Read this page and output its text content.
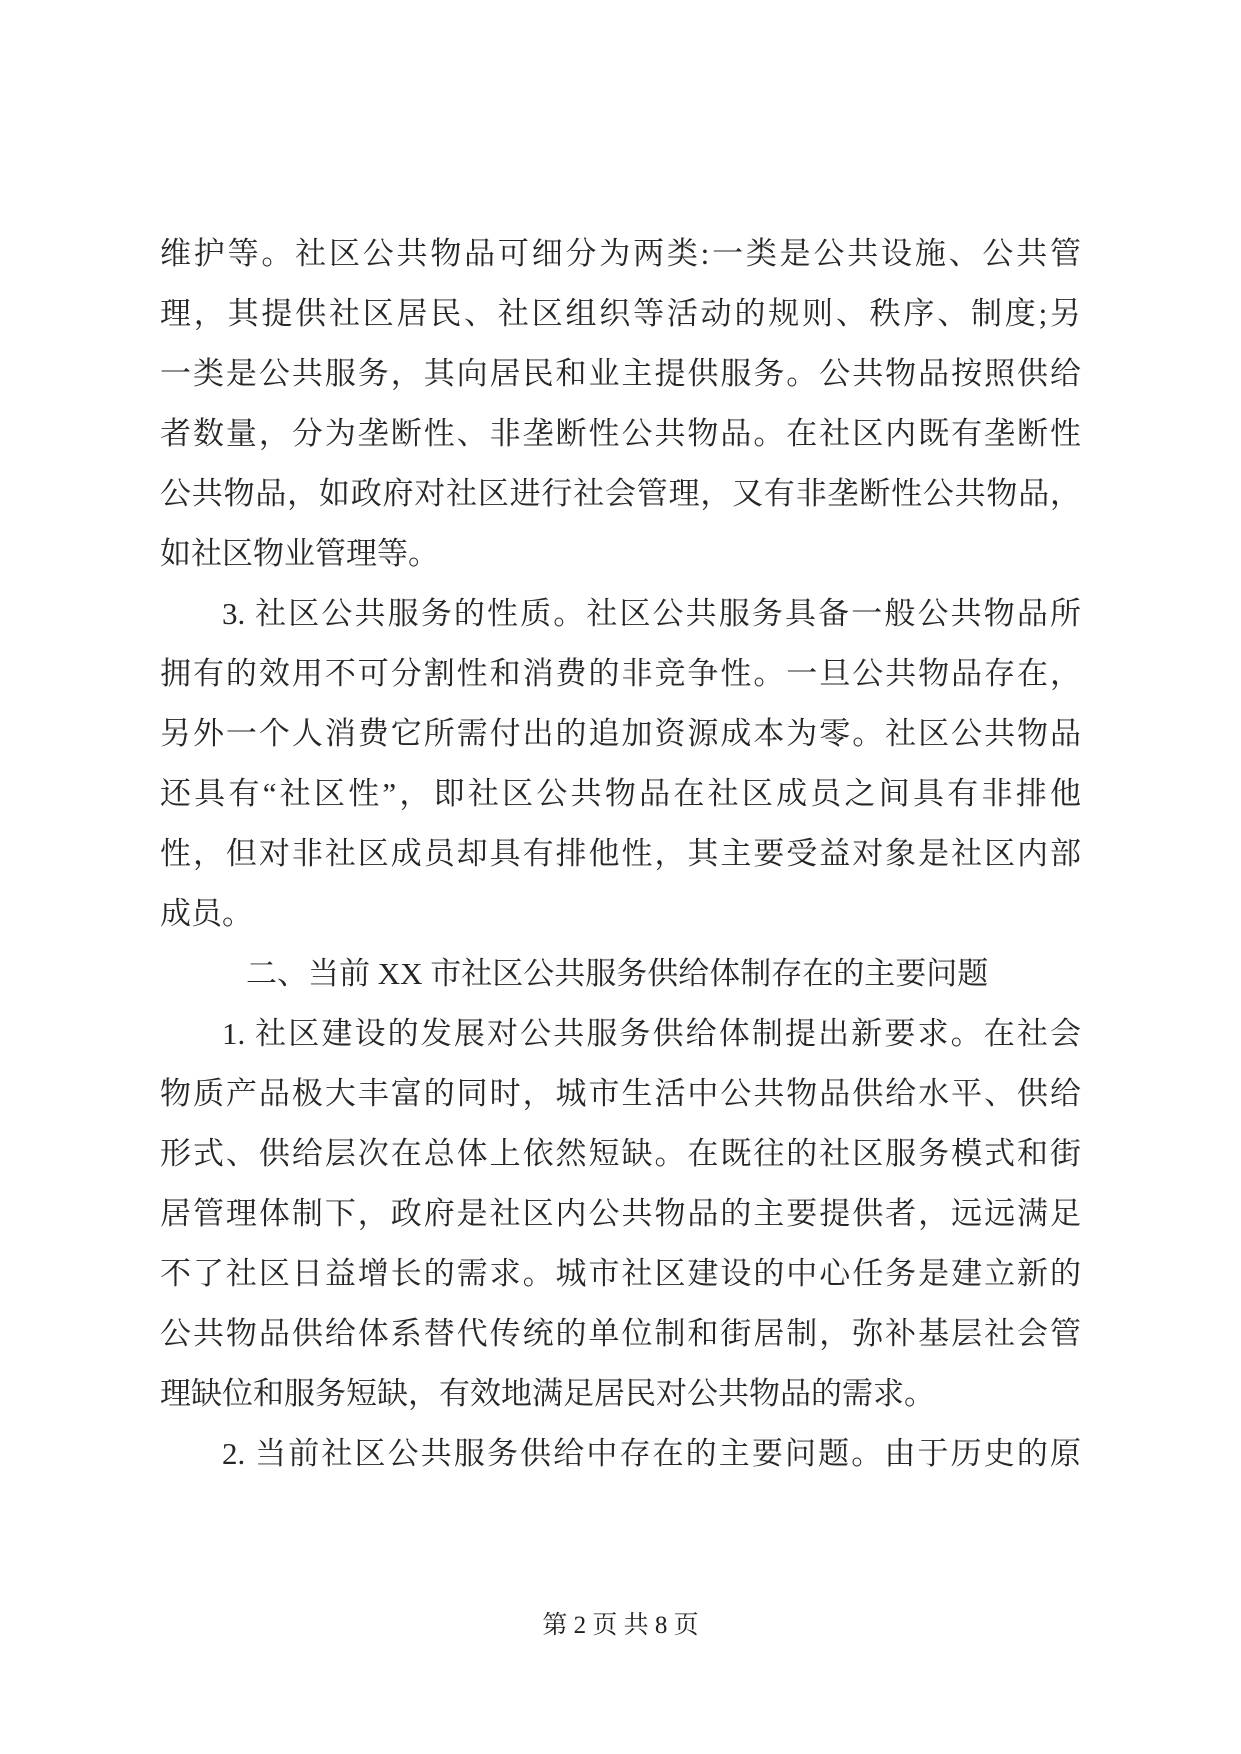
维护等。社区公共物品可细分为两类:一类是公共设施、公共管
理，其提供社区居民、社区组织等活动的规则、秩序、制度;另
一类是公共服务，其向居民和业主提供服务。公共物品按照供给
者数量，分为垄断性、非垄断性公共物品。在社区内既有垄断性
公共物品，如政府对社区进行社会管理，又有非垄断性公共物品，
如社区物业管理等。
3. 社区公共服务的性质。社区公共服务具备一般公共物品所
拥有的效用不可分割性和消费的非竞争性。一旦公共物品存在，
另外一个人消费它所需付出的追加资源成本为零。社区公共物品
还具有“社区性”，即社区公共物品在社区成员之间具有非排他
性，但对非社区成员却具有排他性，其主要受益对象是社区内部
成员。
二、当前 XX 市社区公共服务供给体制存在的主要问题
1. 社区建设的发展对公共服务供给体制提出新要求。在社会
物质产品极大丰富的同时，城市生活中公共物品供给水平、供给
形式、供给层次在总体上依然短缺。在既往的社区服务模式和街
居管理体制下，政府是社区内公共物品的主要提供者，远远满足
不了社区日益增长的需求。城市社区建设的中心任务是建立新的
公共物品供给体系替代传统的单位制和街居制，弥补基层社会管
理缺位和服务短缺，有效地满足居民对公共物品的需求。
2. 当前社区公共服务供给中存在的主要问题。由于历史的原
第 2 页 共 8 页
